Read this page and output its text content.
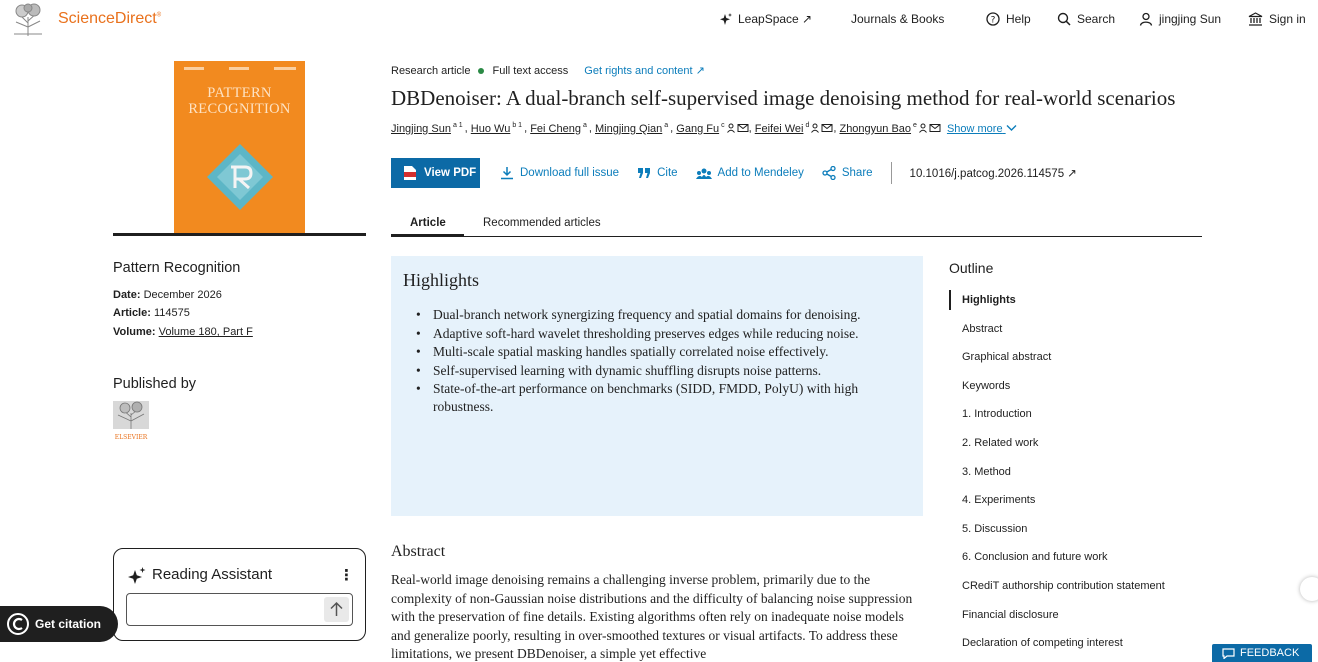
ScienceDirect®	LeapSpace ↗	Journals & Books	? Help	Search	jingjing Sun	Sign in
PATTERN
RECOGNITION
Pattern Recognition
Date: December 2026
Article: 114575
Volume: Volume 180, Part F
Published by
ELSEVIER
Reading Assistant	⋮
Get citation
Research article Full text access Get rights and content ↗
DBDenoiser: A dual-branch self-supervised image denoising method for real-world scenarios
Jingjing Sun $^{a 1}$ , Huo Wu $^{b 1}$ , Fei Cheng $^a$ , Mingjing Qian $^a$ , Gang Fu $^c$ , Feifei Wei $^d$ , Zhongyun Bao $^e$	Show more
View PDF	Download full issue	Cite	Add to Mendeley	Share	10.1016/j.patcog.2026.114575 ↗
Article	Recommended articles
Highlights
• Dual-branch network synergizing frequency and spatial domains for denoising.
• Adaptive soft-hard wavelet thresholding preserves edges while reducing noise.
• Multi-scale spatial masking handles spatially correlated noise effectively.
• Self-supervised learning with dynamic shuffling disrupts noise patterns.
• State-of-the-art performance on benchmarks (SIDD, FMDD, PolyU) with high robustness.
Abstract
Real-world image denoising remains a challenging inverse problem, primarily due to the complexity of non-Gaussian noise distributions and the difficulty of balancing noise suppression with the preservation of fine details. Existing algorithms often rely on inadequate noise models and generalize poorly, resulting in over-smoothed textures or visual artifacts. To address these limitations, we present DBDenoiser, a simple yet effective
Outline
Highlights
Abstract
Graphical abstract
Keywords
1. Introduction
2. Related work
3. Method
4. Experiments
5. Discussion
6. Conclusion and future work
CRediT authorship contribution statement
Financial disclosure
Declaration of competing interest
FEEDBACK
